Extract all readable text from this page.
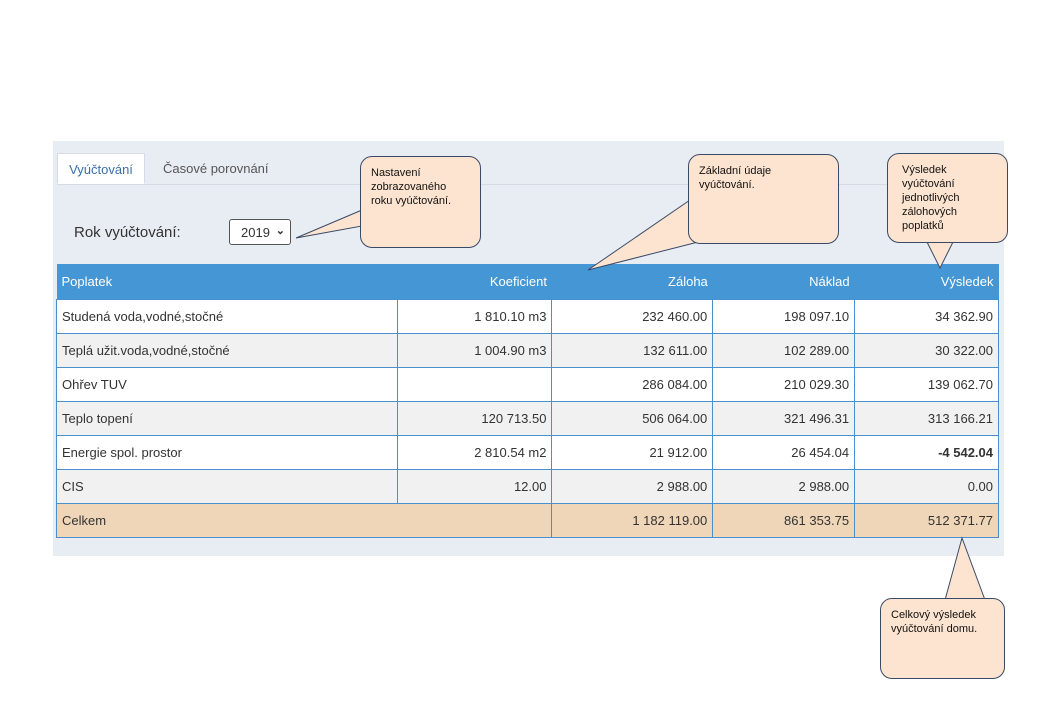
Vyúčtování	Časové porovnání
Rok vyúčtování:	2019 ⌄
Poplatek	Koeficient	Záloha	Náklad	Výsledek
Studená voda,vodné,stočné	1 810.10 m3	232 460.00	198 097.10	34 362.90
Teplá užit.voda,vodné,stočné	1 004.90 m3	132 611.00	102 289.00	30 322.00
Ohřev TUV		286 084.00	210 029.30	139 062.70
Teplo topení	120 713.50	506 064.00	321 496.31	313 166.21
Energie spol. prostor	2 810.54 m2	21 912.00	26 454.04	-4 542.04
CIS	12.00	2 988.00	2 988.00	0.00
Celkem		1 182 119.00	861 353.75	512 371.77
Nastavení zobrazovaného roku vyúčtování.
Základní údaje vyúčtování.
Výsledek vyúčtování jednotlivých zálohových poplatků
Celkový výsledek vyúčtování domu.
